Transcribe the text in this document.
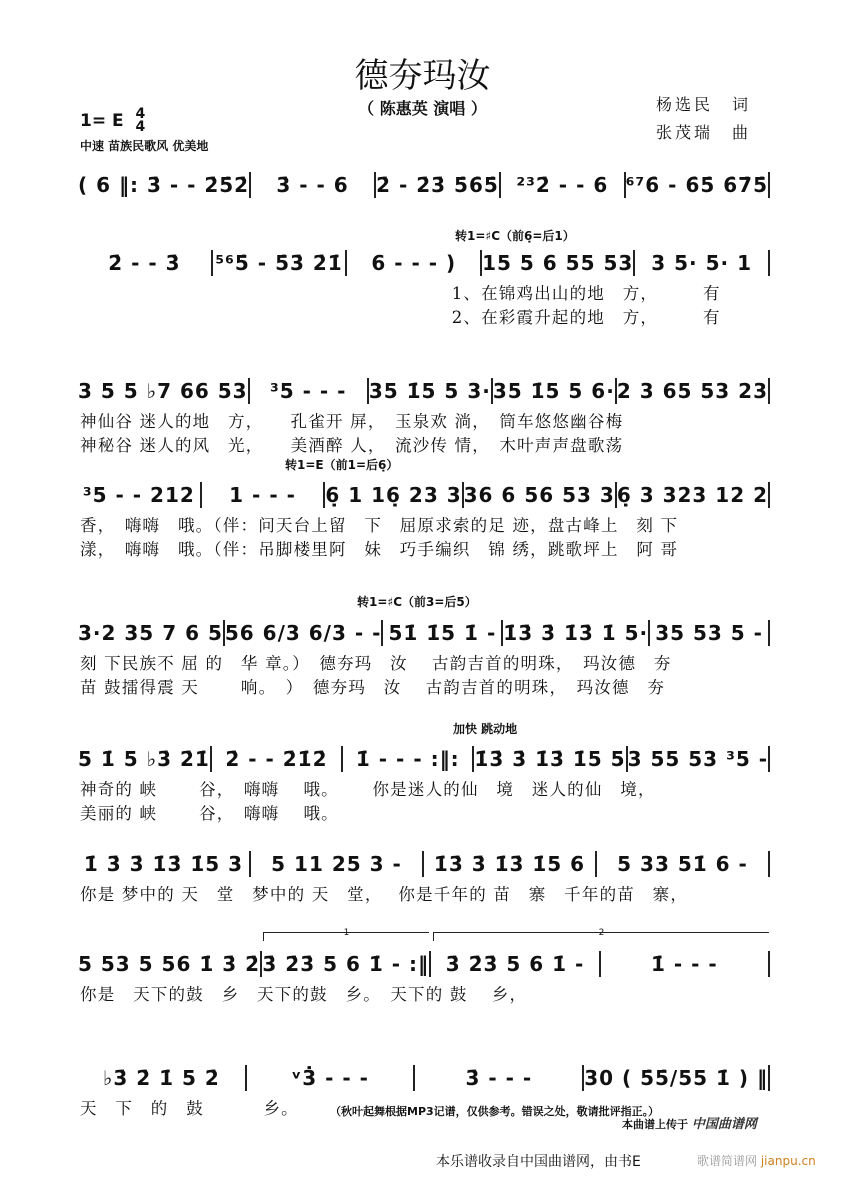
德夯玛汝
（ 陈惠英 演唱 ）	杨选民　词
张茂瑞　曲
1= E 4
4
中速 苗族民歌风 优美地
转1=♯C（前6̣=后1）
转1=E（前1=后6̣）
转1=♯C（前3=后5）
加快 跳动地
1	2
( 6 ‖: 3̇ - - 2̇5̇2̇	3̇ - - 6	2̇ - 2̇3̇ 5̇6̇5̇ ²³2̇ - - 6 ⁶⁷6̇ - 6̇5̇ 6̇7̇5̇
2̇ - - 3̇	⁵⁶5̇ - 5̇3̇ 2̇1̇	6 - - - )	15 5 6 55 53 3 5· 5· 1
　　　　　　　　　　　　　　　　　　　　　1、在锦鸡出山的地　方，　　　有
　　　　　　　　　　　　　　　　　　　　　2、在彩霞升起的地　方，　　　有
3 5 5 ♭7 66 53	³5 - - -	35 1̇5 5 3· 35 1̇5 5 6· 2 3 65 53 23
神仙谷 迷人的地　方，　　孔雀开 屏，　玉泉欢 淌，　筒车悠悠幽谷梅
神秘谷 迷人的风　光，　　美酒醉 人，　流沙传 情，　木叶声声盘歌荡
³5 - - 212	1 - - -	6̣ 1 16̣ 23 3 36 6 56 53 3 6̣ 3 323 12 2
香，　嗨嗨　哦。（伴：问天台上留　下　屈原求索的足 迹，盘古峰上　刻 下
漾，　嗨嗨　哦。（伴：吊脚楼里阿　妹　巧手编织　锦 绣，跳歌坪上　阿 哥
3·2 35 7 6 5 56 6/3 6/3 - - 51̇ 1̇5 1̇ - 1̇3̇ 3̇ 1̇3̇ 1̇ 5· 35 53 5 -
刻 下民族不 屈 的　华 章。）　德夯玛　汝　 古韵吉首的明珠，　玛汝德　夯
苗 鼓擂得震 天　　 响。　）　德夯玛　汝　 古韵吉首的明珠，　玛汝德　夯
5 1̇ 5 ♭3̇ 2̇1̇ 2̇ - - 2̇1̇2̇	1̇ - - - :‖: 1̇3̇ 3̇ 1̇3̇ 1̇5 5 3 55 53 ³5 -
神奇的 峡　　 谷，　嗨嗨　 哦。　　 你是迷人的仙　境　迷人的仙　境，
美丽的 峡　　 谷，　嗨嗨　 哦。
1̇ 3̇ 3̇ 1̇3̇ 1̇5 3	5 11 25 3 -	1̇3̇ 3̇ 1̇3̇ 1̇5 6	5 33 51̇ 6 -
你是 梦中的 天　堂　梦中的 天　堂，　 你是千年的 苗　寨　千年的苗　寨，
5 53 5 56 1̇ 3̇ 2̇ 3̇ 2̇3̇ 5 6 1̇ - :‖ 3̇ 2̇3̇ 5 6 1̇ -	1̇ - - -
你是　天下的鼓　乡　天下的鼓　乡。　天下的 鼓　 乡，
♭3̇ 2̇ 1̇ 5 2̇	ᵛ3̇ - - -	3̇ - - -	30 ( 5̇5̇/55 1̇ ) ‖
天　下　的　鼓　　　 乡。	（秋叶起舞根据MP3记谱，仅供参考。错误之处，敬请批评指正。）
本曲谱上传于 中国曲谱网
本乐谱收录自中国曲谱网，由书Ε	歌谱简谱网 jianpu.cn
